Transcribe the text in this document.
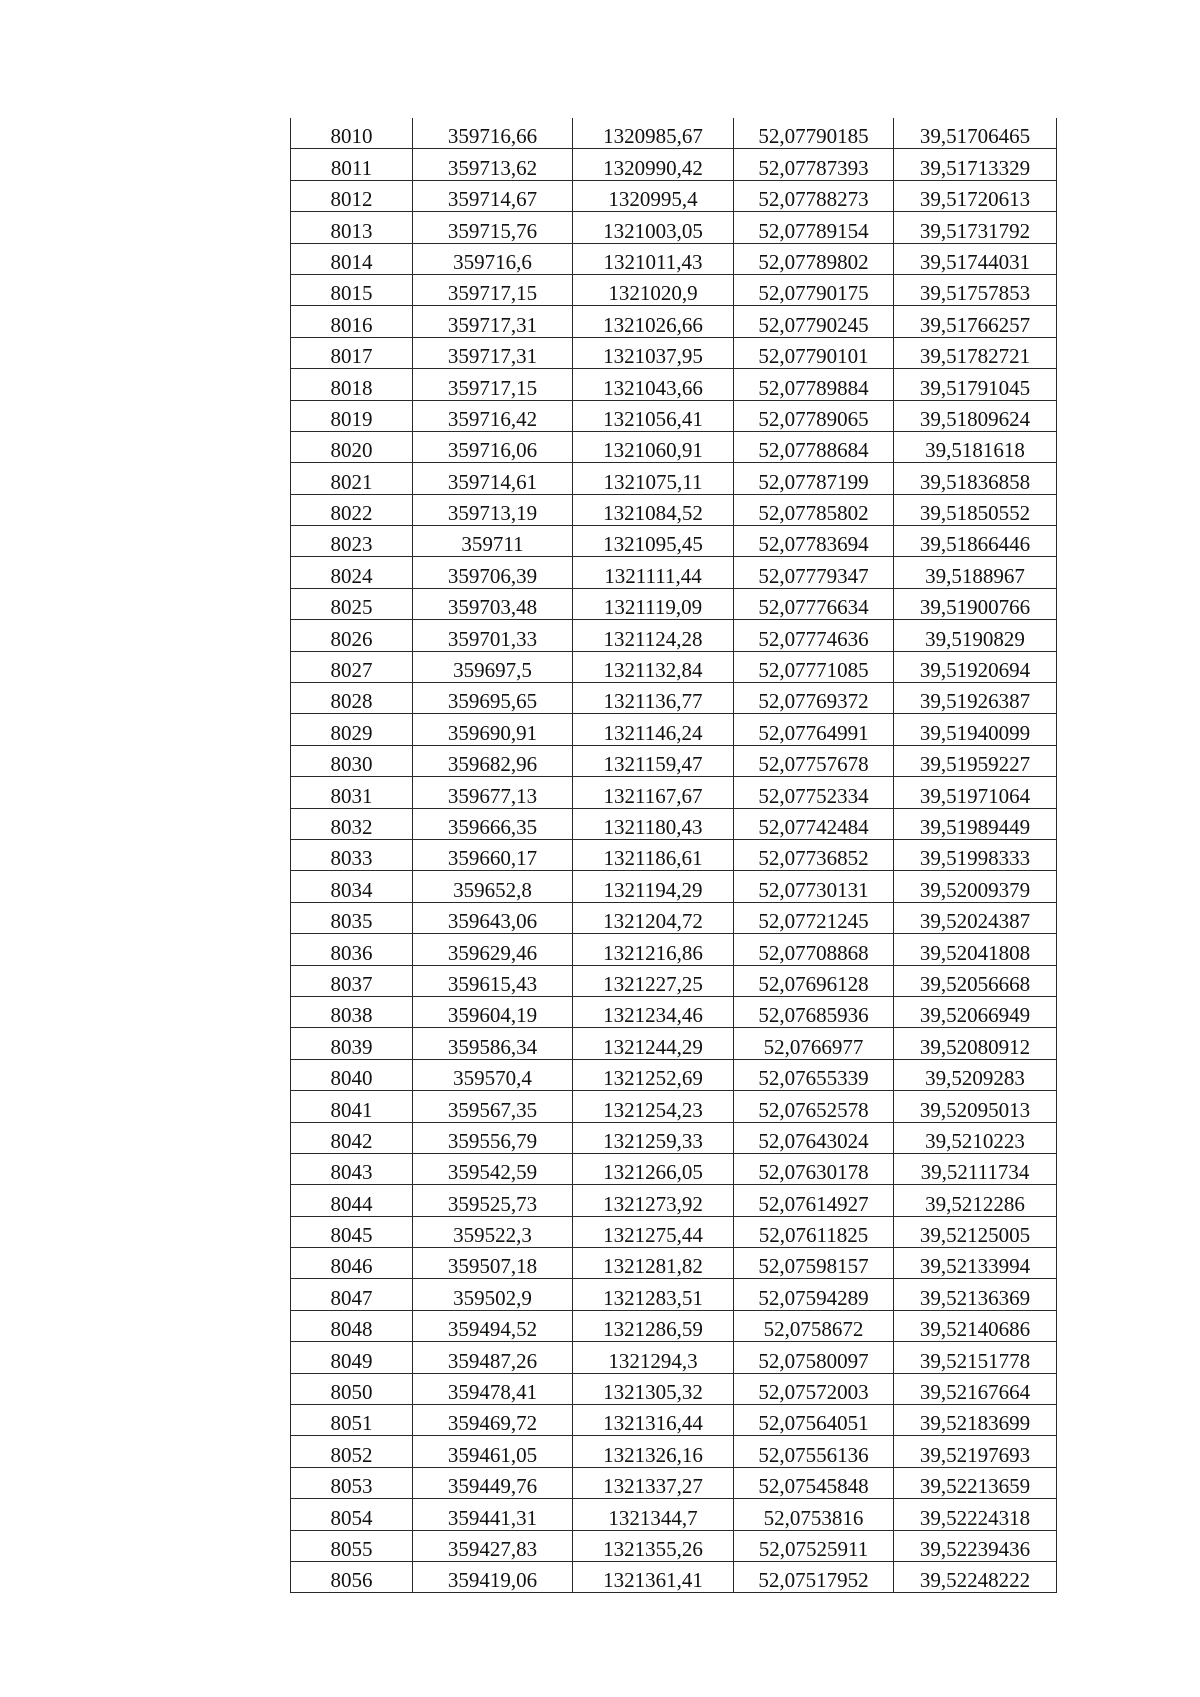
8010	359716,66	1320985,67	52,07790185	39,51706465
8011	359713,62	1320990,42	52,07787393	39,51713329
8012	359714,67	1320995,4	52,07788273	39,51720613
8013	359715,76	1321003,05	52,07789154	39,51731792
8014	359716,6	1321011,43	52,07789802	39,51744031
8015	359717,15	1321020,9	52,07790175	39,51757853
8016	359717,31	1321026,66	52,07790245	39,51766257
8017	359717,31	1321037,95	52,07790101	39,51782721
8018	359717,15	1321043,66	52,07789884	39,51791045
8019	359716,42	1321056,41	52,07789065	39,51809624
8020	359716,06	1321060,91	52,07788684	39,5181618
8021	359714,61	1321075,11	52,07787199	39,51836858
8022	359713,19	1321084,52	52,07785802	39,51850552
8023	359711	1321095,45	52,07783694	39,51866446
8024	359706,39	1321111,44	52,07779347	39,5188967
8025	359703,48	1321119,09	52,07776634	39,51900766
8026	359701,33	1321124,28	52,07774636	39,5190829
8027	359697,5	1321132,84	52,07771085	39,51920694
8028	359695,65	1321136,77	52,07769372	39,51926387
8029	359690,91	1321146,24	52,07764991	39,51940099
8030	359682,96	1321159,47	52,07757678	39,51959227
8031	359677,13	1321167,67	52,07752334	39,51971064
8032	359666,35	1321180,43	52,07742484	39,51989449
8033	359660,17	1321186,61	52,07736852	39,51998333
8034	359652,8	1321194,29	52,07730131	39,52009379
8035	359643,06	1321204,72	52,07721245	39,52024387
8036	359629,46	1321216,86	52,07708868	39,52041808
8037	359615,43	1321227,25	52,07696128	39,52056668
8038	359604,19	1321234,46	52,07685936	39,52066949
8039	359586,34	1321244,29	52,0766977	39,52080912
8040	359570,4	1321252,69	52,07655339	39,5209283
8041	359567,35	1321254,23	52,07652578	39,52095013
8042	359556,79	1321259,33	52,07643024	39,5210223
8043	359542,59	1321266,05	52,07630178	39,52111734
8044	359525,73	1321273,92	52,07614927	39,5212286
8045	359522,3	1321275,44	52,07611825	39,52125005
8046	359507,18	1321281,82	52,07598157	39,52133994
8047	359502,9	1321283,51	52,07594289	39,52136369
8048	359494,52	1321286,59	52,0758672	39,52140686
8049	359487,26	1321294,3	52,07580097	39,52151778
8050	359478,41	1321305,32	52,07572003	39,52167664
8051	359469,72	1321316,44	52,07564051	39,52183699
8052	359461,05	1321326,16	52,07556136	39,52197693
8053	359449,76	1321337,27	52,07545848	39,52213659
8054	359441,31	1321344,7	52,0753816	39,52224318
8055	359427,83	1321355,26	52,07525911	39,52239436
8056	359419,06	1321361,41	52,07517952	39,52248222
